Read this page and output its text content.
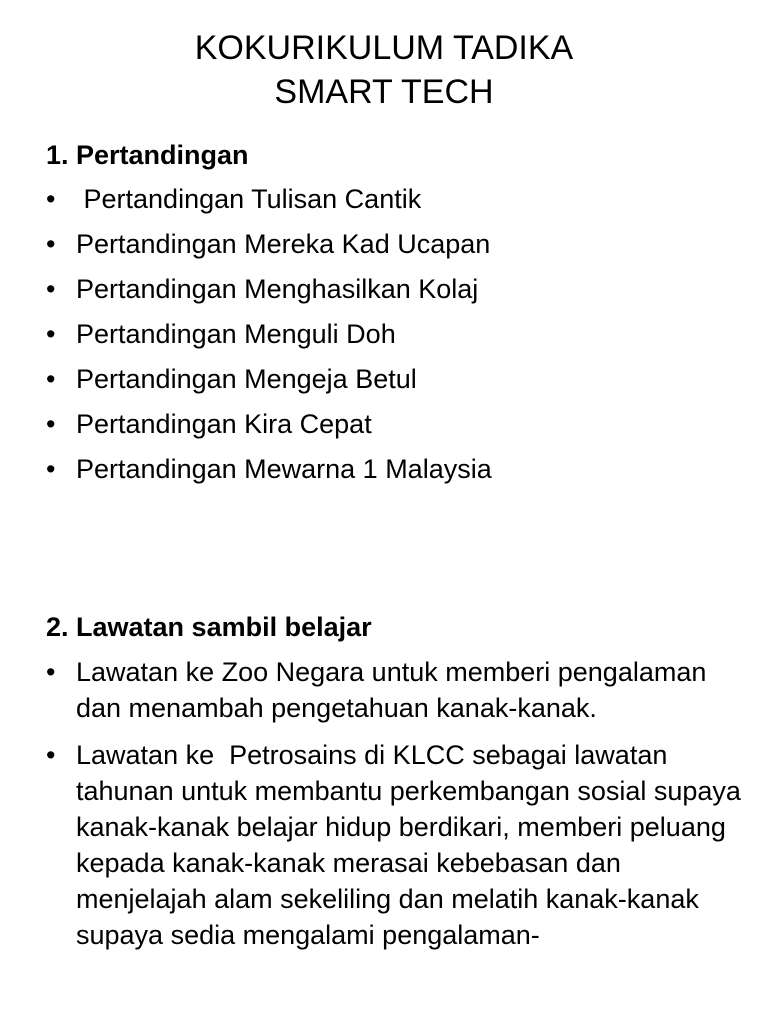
KOKURIKULUM TADIKA
SMART TECH
1. Pertandingan
• Pertandingan Tulisan Cantik
• Pertandingan Mereka Kad Ucapan
• Pertandingan Menghasilkan Kolaj
• Pertandingan Menguli Doh
• Pertandingan Mengeja Betul
• Pertandingan Kira Cepat
• Pertandingan Mewarna 1 Malaysia
2. Lawatan sambil belajar
• Lawatan ke Zoo Negara untuk memberi pengalaman dan menambah pengetahuan kanak-kanak.
• Lawatan ke  Petrosains di KLCC sebagai lawatan tahunan untuk membantu perkembangan sosial supaya kanak-kanak belajar hidup berdikari, memberi peluang kepada kanak-kanak merasai kebebasan dan menjelajah alam sekeliling dan melatih kanak-kanak supaya sedia mengalami pengalaman-
